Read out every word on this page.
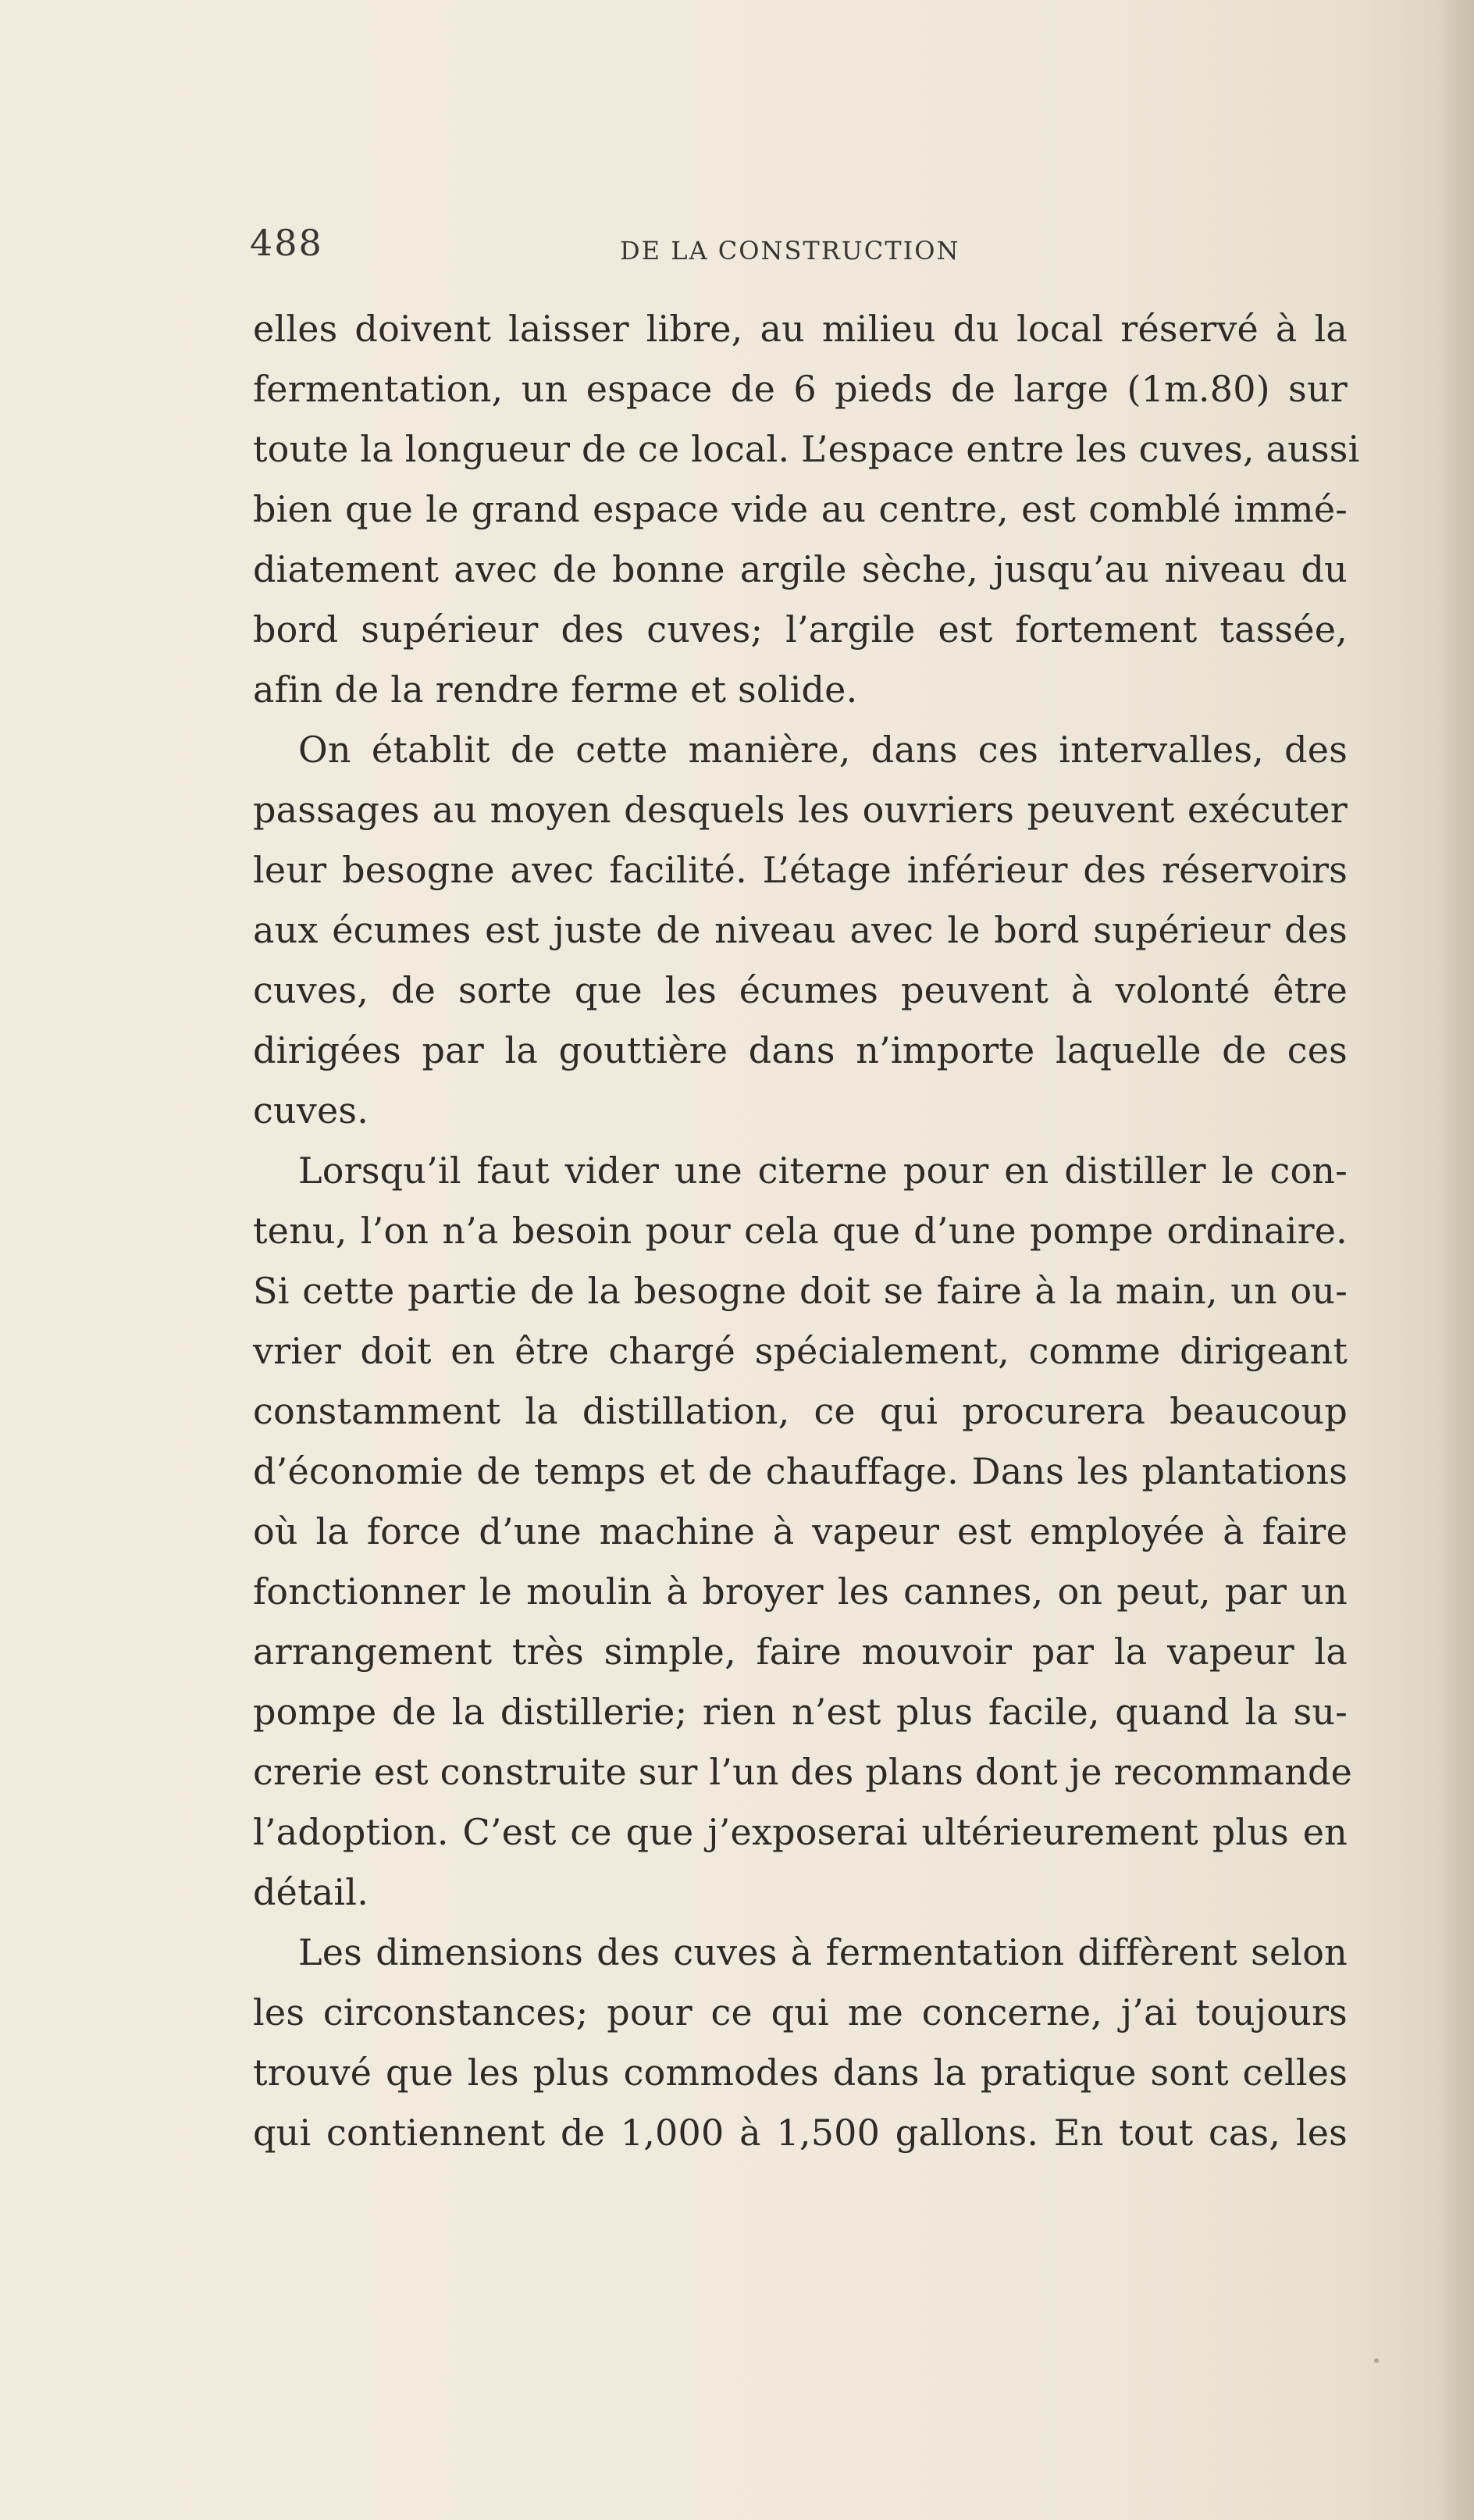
488	DE LA CONSTRUCTION
elles doivent laisser libre, au milieu du local réservé à la
fermentation, un espace de 6 pieds de large (1m.80) sur
toute la longueur de ce local. L’espace entre les cuves, aussi
bien que le grand espace vide au centre, est comblé immé-
diatement avec de bonne argile sèche, jusqu’au niveau du
bord supérieur des cuves; l’argile est fortement tassée,
afin de la rendre ferme et solide.
On établit de cette manière, dans ces intervalles, des
passages au moyen desquels les ouvriers peuvent exécuter
leur besogne avec facilité. L’étage inférieur des réservoirs
aux écumes est juste de niveau avec le bord supérieur des
cuves, de sorte que les écumes peuvent à volonté être
dirigées par la gouttière dans n’importe laquelle de ces
cuves.
Lorsqu’il faut vider une citerne pour en distiller le con-
tenu, l’on n’a besoin pour cela que d’une pompe ordinaire.
Si cette partie de la besogne doit se faire à la main, un ou-
vrier doit en être chargé spécialement, comme dirigeant
constamment la distillation, ce qui procurera beaucoup
d’économie de temps et de chauffage. Dans les plantations
où la force d’une machine à vapeur est employée à faire
fonctionner le moulin à broyer les cannes, on peut, par un
arrangement très simple, faire mouvoir par la vapeur la
pompe de la distillerie; rien n’est plus facile, quand la su-
crerie est construite sur l’un des plans dont je recommande
l’adoption. C’est ce que j’exposerai ultérieurement plus en
détail.
Les dimensions des cuves à fermentation diffèrent selon
les circonstances; pour ce qui me concerne, j’ai toujours
trouvé que les plus commodes dans la pratique sont celles
qui contiennent de 1,000 à 1,500 gallons. En tout cas, les
